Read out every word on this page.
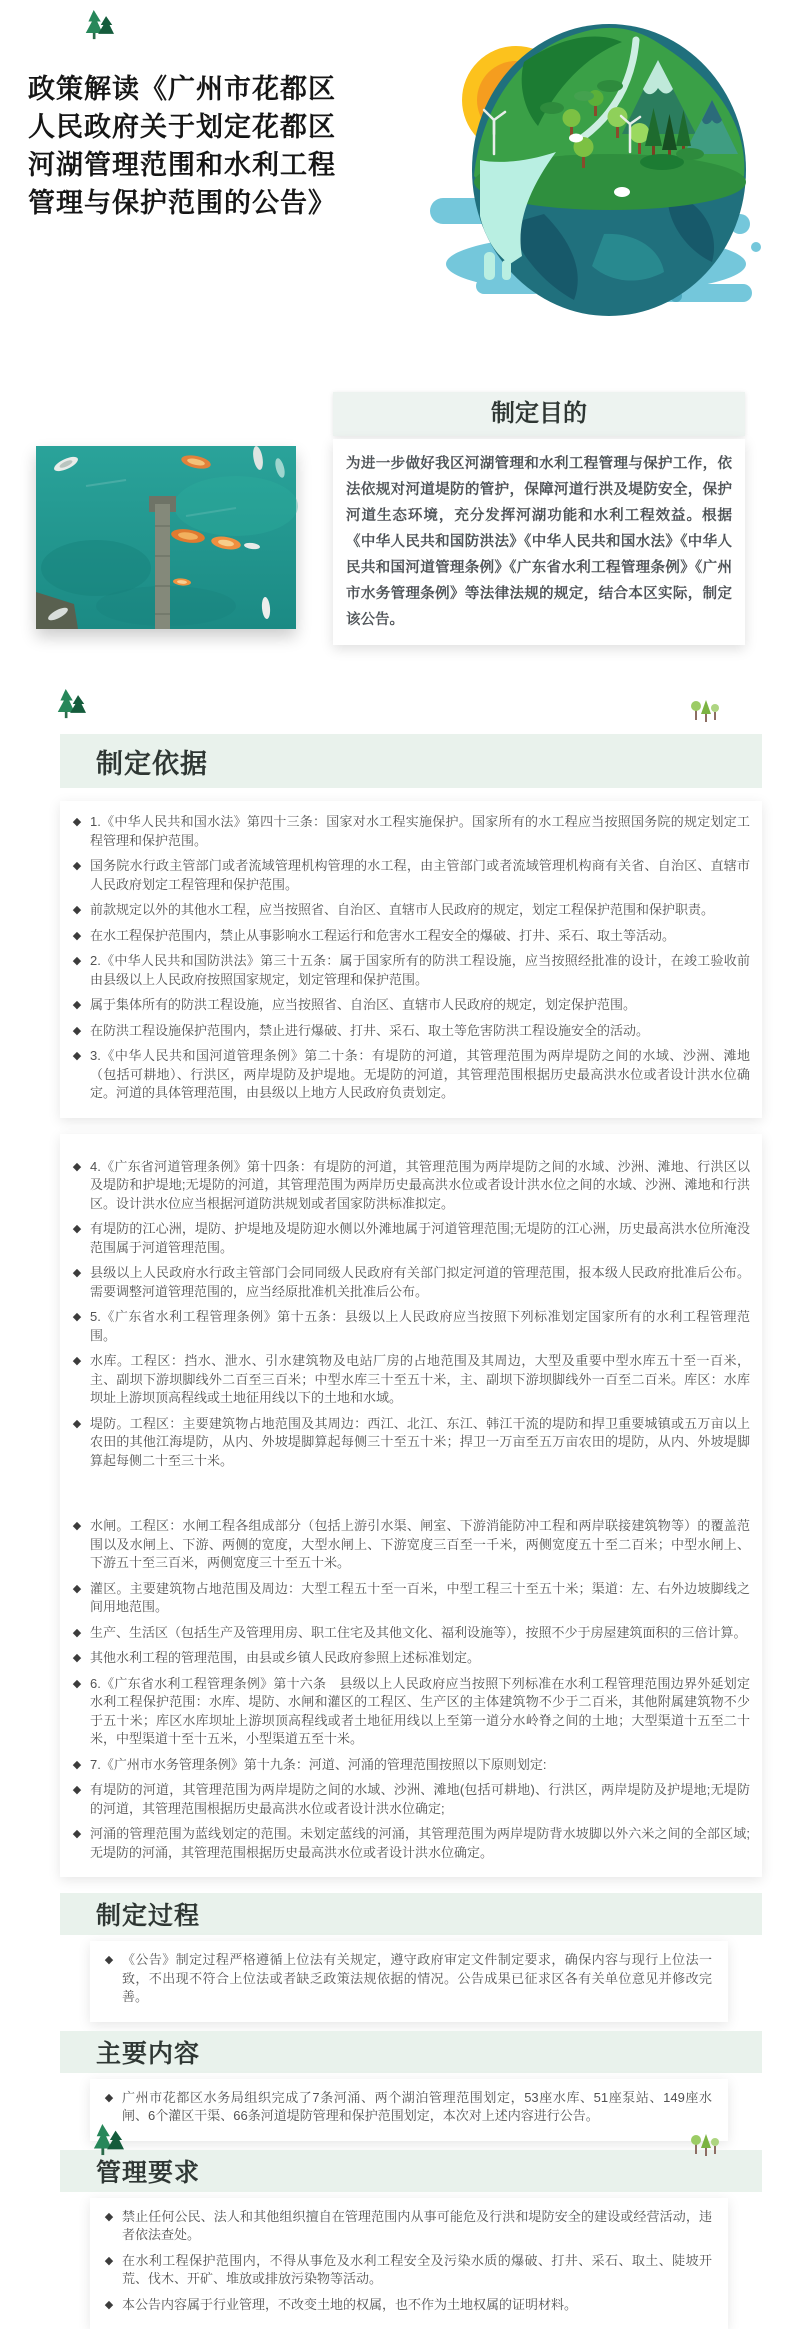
政策解读《广州市花都区
人民政府关于划定花都区
河湖管理范围和水利工程
管理与保护范围的公告》
制定目的
为进一步做好我区河湖管理和水利工程管理与保护工作，依法依规对河道堤防的管护，保障河道行洪及堤防安全，保护河道生态环境，充分发挥河湖功能和水利工程效益。根据《中华人民共和国防洪法》《中华人民共和国水法》《中华人民共和国河道管理条例》《广东省水利工程管理条例》《广州市水务管理条例》等法律法规的规定，结合本区实际，制定该公告。
制定依据
◆ 1.《中华人民共和国水法》第四十三条：国家对水工程实施保护。国家所有的水工程应当按照国务院的规定划定工程管理和保护范围。
◆ 国务院水行政主管部门或者流域管理机构管理的水工程，由主管部门或者流域管理机构商有关省、自治区、直辖市人民政府划定工程管理和保护范围。
◆ 前款规定以外的其他水工程，应当按照省、自治区、直辖市人民政府的规定，划定工程保护范围和保护职责。
◆ 在水工程保护范围内，禁止从事影响水工程运行和危害水工程安全的爆破、打井、采石、取土等活动。
◆ 2.《中华人民共和国防洪法》第三十五条：属于国家所有的防洪工程设施，应当按照经批准的设计，在竣工验收前由县级以上人民政府按照国家规定，划定管理和保护范围。
◆ 属于集体所有的防洪工程设施，应当按照省、自治区、直辖市人民政府的规定，划定保护范围。
◆ 在防洪工程设施保护范围内，禁止进行爆破、打井、采石、取土等危害防洪工程设施安全的活动。
◆ 3.《中华人民共和国河道管理条例》第二十条：有堤防的河道，其管理范围为两岸堤防之间的水域、沙洲、滩地（包括可耕地）、行洪区，两岸堤防及护堤地。无堤防的河道，其管理范围根据历史最高洪水位或者设计洪水位确定。河道的具体管理范围，由县级以上地方人民政府负责划定。
◆ 4.《广东省河道管理条例》第十四条：有堤防的河道，其管理范围为两岸堤防之间的水域、沙洲、滩地、行洪区以及堤防和护堤地;无堤防的河道，其管理范围为两岸历史最高洪水位或者设计洪水位之间的水域、沙洲、滩地和行洪区。设计洪水位应当根据河道防洪规划或者国家防洪标准拟定。
◆ 有堤防的江心洲，堤防、护堤地及堤防迎水侧以外滩地属于河道管理范围;无堤防的江心洲，历史最高洪水位所淹没范围属于河道管理范围。
◆ 县级以上人民政府水行政主管部门会同同级人民政府有关部门拟定河道的管理范围，报本级人民政府批准后公布。需要调整河道管理范围的，应当经原批准机关批准后公布。
◆ 5.《广东省水利工程管理条例》第十五条：县级以上人民政府应当按照下列标准划定国家所有的水利工程管理范围。
◆ 水库。工程区：挡水、泄水、引水建筑物及电站厂房的占地范围及其周边，大型及重要中型水库五十至一百米，主、副坝下游坝脚线外二百至三百米；中型水库三十至五十米，主、副坝下游坝脚线外一百至二百米。库区：水库坝址上游坝顶高程线或土地征用线以下的土地和水域。
◆ 堤防。工程区：主要建筑物占地范围及其周边：西江、北江、东江、韩江干流的堤防和捍卫重要城镇或五万亩以上农田的其他江海堤防，从内、外坡堤脚算起每侧三十至五十米；捍卫一万亩至五万亩农田的堤防，从内、外坡堤脚算起每侧二十至三十米。
◆ 水闸。工程区：水闸工程各组成部分（包括上游引水渠、闸室、下游消能防冲工程和两岸联接建筑物等）的覆盖范围以及水闸上、下游、两侧的宽度，大型水闸上、下游宽度三百至一千米，两侧宽度五十至二百米；中型水闸上、下游五十至三百米，两侧宽度三十至五十米。
◆ 灌区。主要建筑物占地范围及周边：大型工程五十至一百米，中型工程三十至五十米；渠道：左、右外边坡脚线之间用地范围。
◆ 生产、生活区（包括生产及管理用房、职工住宅及其他文化、福利设施等），按照不少于房屋建筑面积的三倍计算。
◆ 其他水利工程的管理范围，由县或乡镇人民政府参照上述标准划定。
◆ 6.《广东省水利工程管理条例》第十六条　县级以上人民政府应当按照下列标准在水利工程管理范围边界外延划定水利工程保护范围：水库、堤防、水闸和灌区的工程区、生产区的主体建筑物不少于二百米，其他附属建筑物不少于五十米；库区水库坝址上游坝顶高程线或者土地征用线以上至第一道分水岭脊之间的土地；大型渠道十五至二十米，中型渠道十至十五米，小型渠道五至十米。
◆ 7.《广州市水务管理条例》第十九条：河道、河涌的管理范围按照以下原则划定:
◆ 有堤防的河道，其管理范围为两岸堤防之间的水域、沙洲、滩地(包括可耕地)、行洪区，两岸堤防及护堤地;无堤防的河道，其管理范围根据历史最高洪水位或者设计洪水位确定;
◆ 河涌的管理范围为蓝线划定的范围。未划定蓝线的河涌，其管理范围为两岸堤防背水坡脚以外六米之间的全部区域;无堤防的河涌，其管理范围根据历史最高洪水位或者设计洪水位确定。
制定过程
◆ 《公告》制定过程严格遵循上位法有关规定，遵守政府审定文件制定要求，确保内容与现行上位法一致，不出现不符合上位法或者缺乏政策法规依据的情况。公告成果已征求区各有关单位意见并修改完善。
主要内容
◆ 广州市花都区水务局组织完成了7条河涌、两个湖泊管理范围划定，53座水库、51座泵站、149座水闸、6个灌区干渠、66条河道堤防管理和保护范围划定，本次对上述内容进行公告。
管理要求
◆ 禁止任何公民、法人和其他组织擅自在管理范围内从事可能危及行洪和堤防安全的建设或经营活动，违者依法查处。
◆ 在水利工程保护范围内，不得从事危及水利工程安全及污染水质的爆破、打井、采石、取土、陡坡开荒、伐木、开矿、堆放或排放污染物等活动。
◆ 本公告内容属于行业管理，不改变土地的权属，也不作为土地权属的证明材料。
